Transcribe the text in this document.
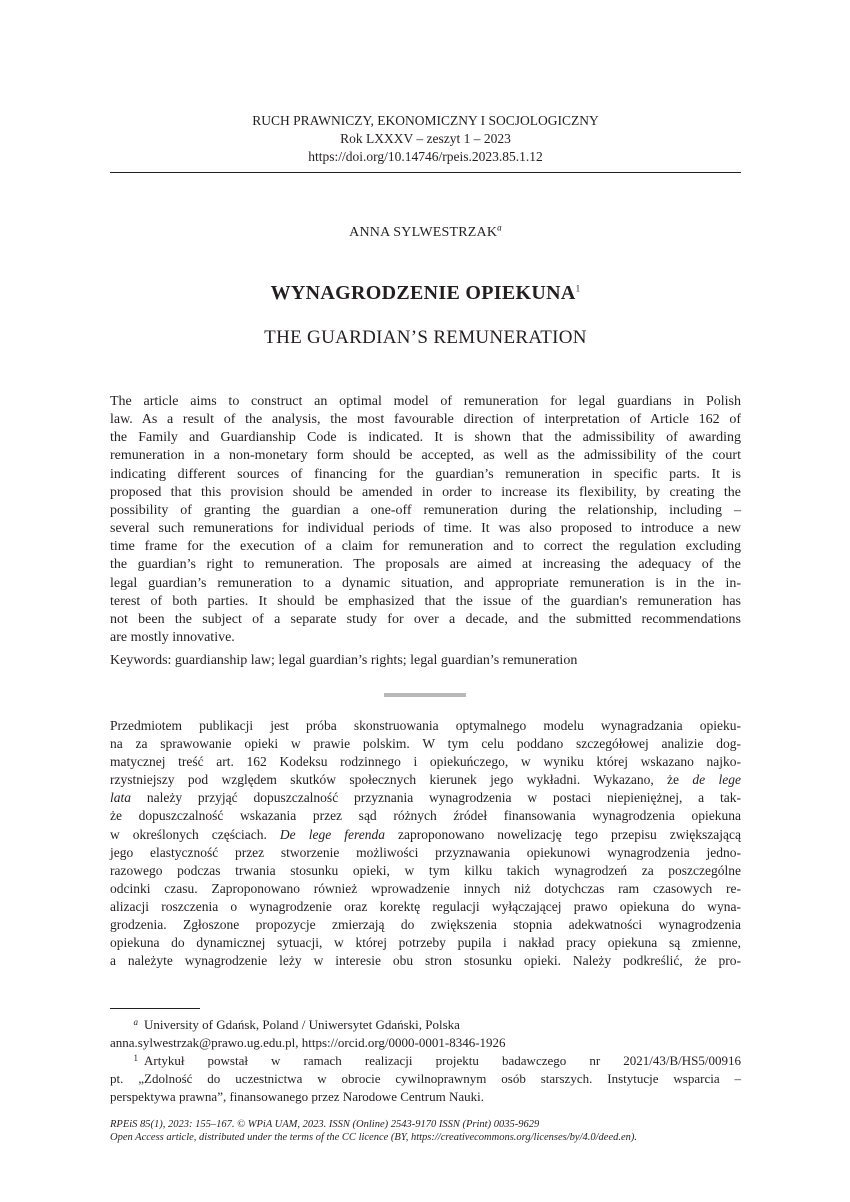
RUCH PRAWNICZY, EKONOMICZNY I SOCJOLOGICZNY
Rok LXXXV – zeszyt 1 – 2023
https://doi.org/10.14746/rpeis.2023.85.1.12
ANNA SYLWESTRZAK$^a$
WYNAGRODZENIE OPIEKUNA$^1$
THE GUARDIAN’S REMUNERATION
The article aims to construct an optimal model of remuneration for legal guardians in Polish
law. As a result of the analysis, the most favourable direction of interpretation of Article 162 of
the Family and Guardianship Code is indicated. It is shown that the admissibility of awarding
remuneration in a non-monetary form should be accepted, as well as the admissibility of the court
indicating different sources of financing for the guardian’s remuneration in specific parts. It is
proposed that this provision should be amended in order to increase its flexibility, by creating the
possibility of granting the guardian a one-off remuneration during the relationship, including –
several such remunerations for individual periods of time. It was also proposed to introduce a new
time frame for the execution of a claim for remuneration and to correct the regulation excluding
the guardian’s right to remuneration. The proposals are aimed at increasing the adequacy of the
legal guardian’s remuneration to a dynamic situation, and appropriate remuneration is in the in-
terest of both parties. It should be emphasized that the issue of the guardian's remuneration has
not been the subject of a separate study for over a decade, and the submitted recommendations
are mostly innovative.

Keywords: guardianship law; legal guardian’s rights; legal guardian’s remuneration

Przedmiotem publikacji jest próba skonstruowania optymalnego modelu wynagradzania opieku-
na za sprawowanie opieki w prawie polskim. W tym celu poddano szczegółowej analizie dog-
matycznej treść art. 162 Kodeksu rodzinnego i opiekuńczego, w wyniku której wskazano najko-
rzystniejszy pod względem skutków społecznych kierunek jego wykładni. Wykazano, że de lege
lata należy przyjąć dopuszczalność przyznania wynagrodzenia w postaci niepieniężnej, a tak-
że dopuszczalność wskazania przez sąd różnych źródeł finansowania wynagrodzenia opiekuna
w określonych częściach. De lege ferenda zaproponowano nowelizację tego przepisu zwiększającą
jego elastyczność przez stworzenie możliwości przyznawania opiekunowi wynagrodzenia jedno-
razowego podczas trwania stosunku opieki, w tym kilku takich wynagrodzeń za poszczególne
odcinki czasu. Zaproponowano również wprowadzenie innych niż dotychczas ram czasowych re-
alizacji roszczenia o wynagrodzenie oraz korektę regulacji wyłączającej prawo opiekuna do wyna-
grodzenia. Zgłoszone propozycje zmierzają do zwiększenia stopnia adekwatności wynagrodzenia
opiekuna do dynamicznej sytuacji, w której potrzeby pupila i nakład pracy opiekuna są zmienne,
a należyte wynagrodzenie leży w interesie obu stron stosunku opieki. Należy podkreślić, że pro-

a University of Gdańsk, Poland / Uniwersytet Gdański, Polska

anna.sylwestrzak@prawo.ug.edu.pl, https://orcid.org/0000-0001-8346-1926

1 Artykuł powstał w ramach realizacji projektu badawczego nr 2021/43/B/HS5/00916

pt. „Zdolność do uczestnictwa w obrocie cywilnoprawnym osób starszych. Instytucje wsparcia –

perspektywa prawna”, finansowanego przez Narodowe Centrum Nauki.

RPEiS 85(1), 2023: 155–167. © WPiA UAM, 2023. ISSN (Online) 2543-9170 ISSN (Print) 0035-9629

Open Access article, distributed under the terms of the CC licence (BY, https://creativecommons.org/licenses/by/4.0/deed.en).
